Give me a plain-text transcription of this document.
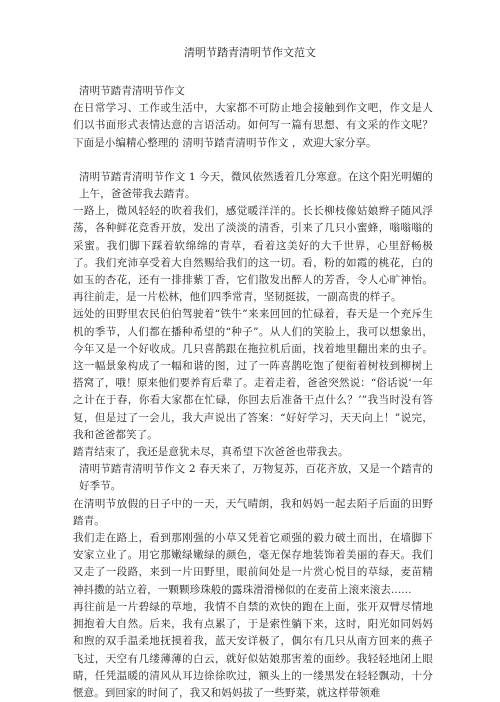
清明节踏青清明节作文范文

清明节踏青清明节作文

在日常学习、工作或生活中，大家都不可防止地会接触到作文吧，作文是人们以书面形式表情达意的言语活动。如何写一篇有思想、有文采的作文呢？下面是小编精心整理的 清明节踏青清明节作文 ，欢迎大家分享。

清明节踏青清明节作文 1 今天，微风依然透着几分寒意。在这个阳光明媚的上午，爸爸带我去踏青。

一路上，微风轻轻的吹着我们，感觉暖洋洋的。长长柳枝像姑娘辫子随风浮荡，各种鲜花竞香开放，发出了淡淡的清香，引来了几只小蜜蜂，嗡嗡嗡的采蜜。我们脚下踩着软绵绵的青草，看着这美好的大千世界，心里舒畅极了。我们充沛享受着大自然赐给我们的这一切。看，粉的如霞的桃花，白的如玉的杏花，还有一排排紫丁香，它们散发出醉人的芳香，令人心旷神怡。再往前走，是一片松林，他们四季常青，坚韧挺拔，一副高贵的样子。

远处的田野里农民伯伯驾驶着“铁牛”来来回回的忙碌着，春天是一个充斥生机的季节，人们都在播种希望的“种子”。从人们的笑脸上，我可以想象出，今年又是一个好收成。几只喜鹊跟在拖拉机后面，找着地里翻出来的虫子。这一幅景象构成了一幅和谐的图，过了一阵喜鹊吃饱了便衔着树枝到柳树上搭窝了，哦！原来他们要养育后辈了。走着走着，爸爸突然说：“俗话说‘一年之计在于春，你看大家都在忙碌，你回去后准备干点什么？’”我当时没有答复，但是过了一会儿，我大声说出了答案：“好好学习，天天向上！”说完，我和爸爸都笑了。

踏青结束了，我还是意犹未尽，真希望下次爸爸也带我去。

清明节踏青清明节作文 2 春天来了，万物复苏，百花齐放，又是一个踏青的好季节。

在清明节放假的日子中的一天，天气晴朗，我和妈妈一起去陌子后面的田野踏青。

我们走在路上，看到那刚强的小草又凭着它顽强的毅力破土而出，在墙脚下安家立业了。用它那嫩绿嫩绿的颜色，毫无保存地装饰着美丽的春天。我们又走了一段路，来到一片田野里，眼前间处是一片赏心悦目的草绿，麦苗精神抖擞的站立着，一颗颗珍珠般的露珠滑滑梯似的在麦苗上滚来滚去......

再往前是一片碧绿的草地，我情不自禁的欢快的跑在上面，张开双臂尽情地拥抱着大自然。后来，我有点累了，于是索性躺下来，这时，阳光如同妈妈和煦的双手温柔地抚摸着我，蓝天安详极了，偶尔有几只从南方回来的燕子飞过，天空有几缕薄薄的白云，就好似姑娘那害羞的面纱。我轻轻地闭上眼睛，任凭温暖的清风从耳边徐徐吹过，额头上的一缕黑发在轻轻飘动，十分惬意。到回家的时间了，我又和妈妈拔了一些野菜，就这样带领难
